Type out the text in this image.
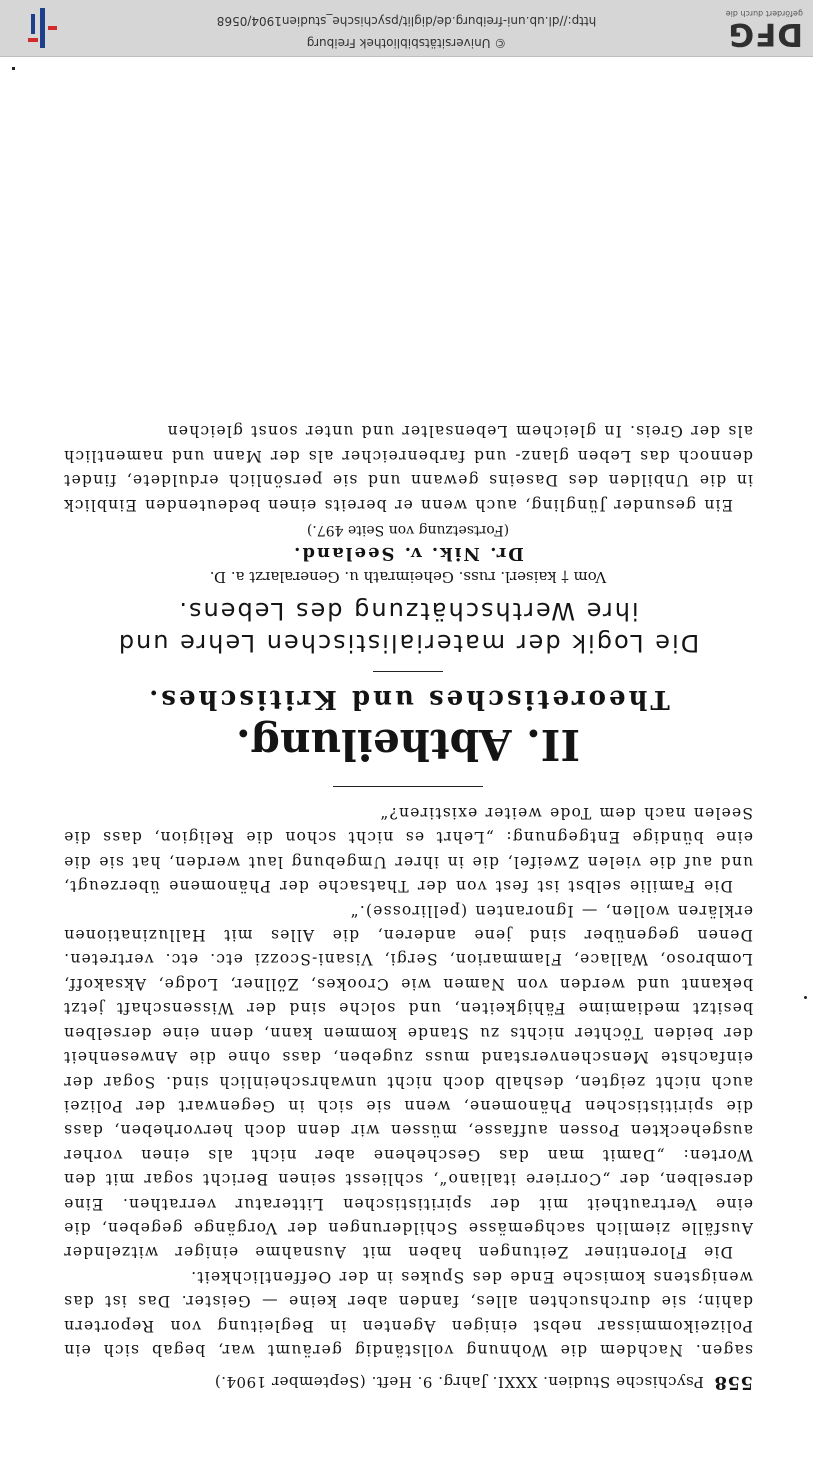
558
Psychische Studien. XXXI. Jahrg. 9. Heft. (September 1904.)

sagen. Nachdem die Wohnung vollständig geräumt war, begab sich ein Polizeikommissar nebst einigen Agenten in Begleitung von Reportern dahin; sie durchsuchten alles, fanden aber keine — Geister. Das ist das wenigstens komische Ende des Spukes in der Oeffentlichkeit.

Die Florentiner Zeitungen haben mit Ausnahme einiger witzelnder Ausfälle ziemlich sachgemässe Schilderungen der Vorgänge gegeben, die eine Vertrautheit mit der spiritistischen Litteratur verrathen. Eine derselben, der „Corriere italiano“, schliesst seinen Bericht sogar mit den Worten: „Damit man das Geschehene aber nicht als einen vorher ausgeheckten Possen auffasse, müssen wir denn doch hervorheben, dass die spiritistischen Phänomene, wenn sie sich in Gegenwart der Polizei auch nicht zeigten, deshalb doch nicht unwahrscheinlich sind. Sogar der einfachste Menschenverstand muss zugeben, dass ohne die Anwesenheit der beiden Töchter nichts zu Stande kommen kann, denn eine derselben besitzt mediamime Fähigkeiten, und solche sind der Wissenschaft jetzt bekannt und werden von Namen wie Crookes, Zöllner, Lodge, Aksakoff, Lombroso, Wallace, Flammarion, Sergi, Visani-Scozzi etc. etc. vertreten. Denen gegenüber sind jene anderen, die Alles mit Halluzinationen erklären wollen, — Ignoranten (pellirosse).“

Die Familie selbst ist fest von der Thatsache der Phänomene überzeugt, und auf die vielen Zweifel, die in ihrer Umgebung laut werden, hat sie die eine bündige Entgegnung: „Lehrt es nicht schon die Religion, dass die Seelen nach dem Tode weiter existiren?“

II. Abtheilung.
Theoretisches und Kritisches.
Die Logik der materialistischen Lehre und ihre Werthschätzung des Lebens.
Vom † kaiserl. russ. Geheimrath u. Generalarzt a. D.
Dr. Nik. v. Seeland.
(Fortsetzung von Seite 497.)

Ein gesunder Jüngling, auch wenn er bereits einen bedeutenden Einblick in die Unbilden des Daseins gewann und sie persönlich erduldete, findet dennoch das Leben glanz- und farbenreicher als der Mann und namentlich als der Greis. In gleichem Lebensalter und unter sonst gleichen

DFG
gefördert durch die
http://dl.ub.uni-freiburg.de/diglit/psychische_studien1904/0568
© Universitätsbibliothek Freiburg
